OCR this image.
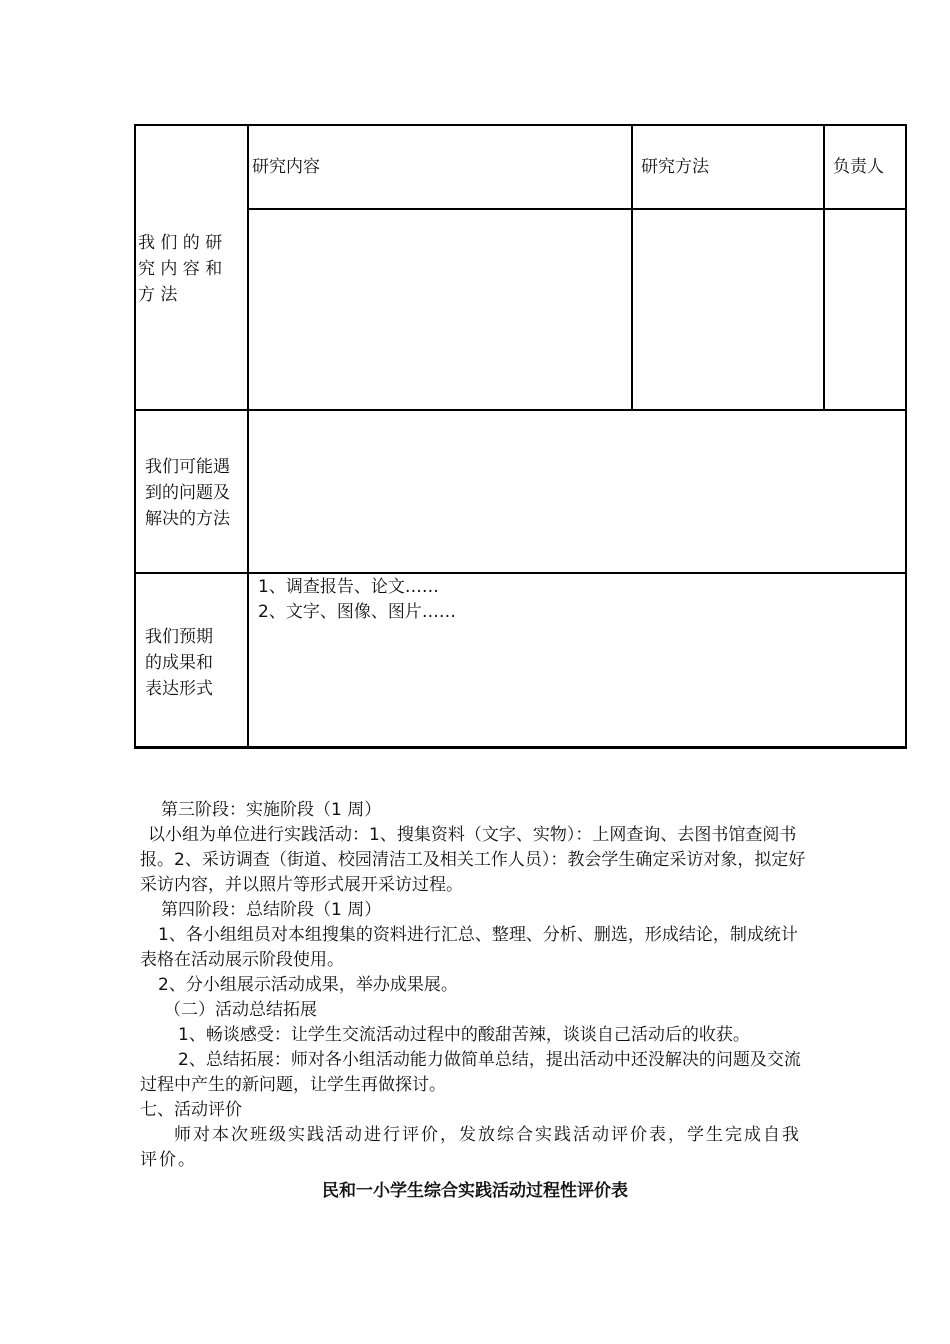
我 们 的 研
究 内 容 和
方 法
研究内容	研究方法	负责人
我们可能遇
到的问题及
解决的方法
我们预期
的成果和
表达形式
1、调查报告、论文……
2、文字、图像、图片……
第三阶段：实施阶段（1 周）
以小组为单位进行实践活动：1、搜集资料（文字、实物）：上网查询、去图书馆查阅书报。2、采访调查（街道、校园清洁工及相关工作人员）：教会学生确定采访对象，拟定好采访内容，并以照片等形式展开采访过程。
第四阶段：总结阶段（1 周）
1、各小组组员对本组搜集的资料进行汇总、整理、分析、删选，形成结论，制成统计表格在活动展示阶段使用。
2、分小组展示活动成果，举办成果展。
（二）活动总结拓展
1、畅谈感受：让学生交流活动过程中的酸甜苦辣，谈谈自己活动后的收获。
2、总结拓展：师对各小组活动能力做简单总结，提出活动中还没解决的问题及交流过程中产生的新问题，让学生再做探讨。
七、活动评价
师对本次班级实践活动进行评价，发放综合实践活动评价表，学生完成自我评价。
民和一小学生综合实践活动过程性评价表
